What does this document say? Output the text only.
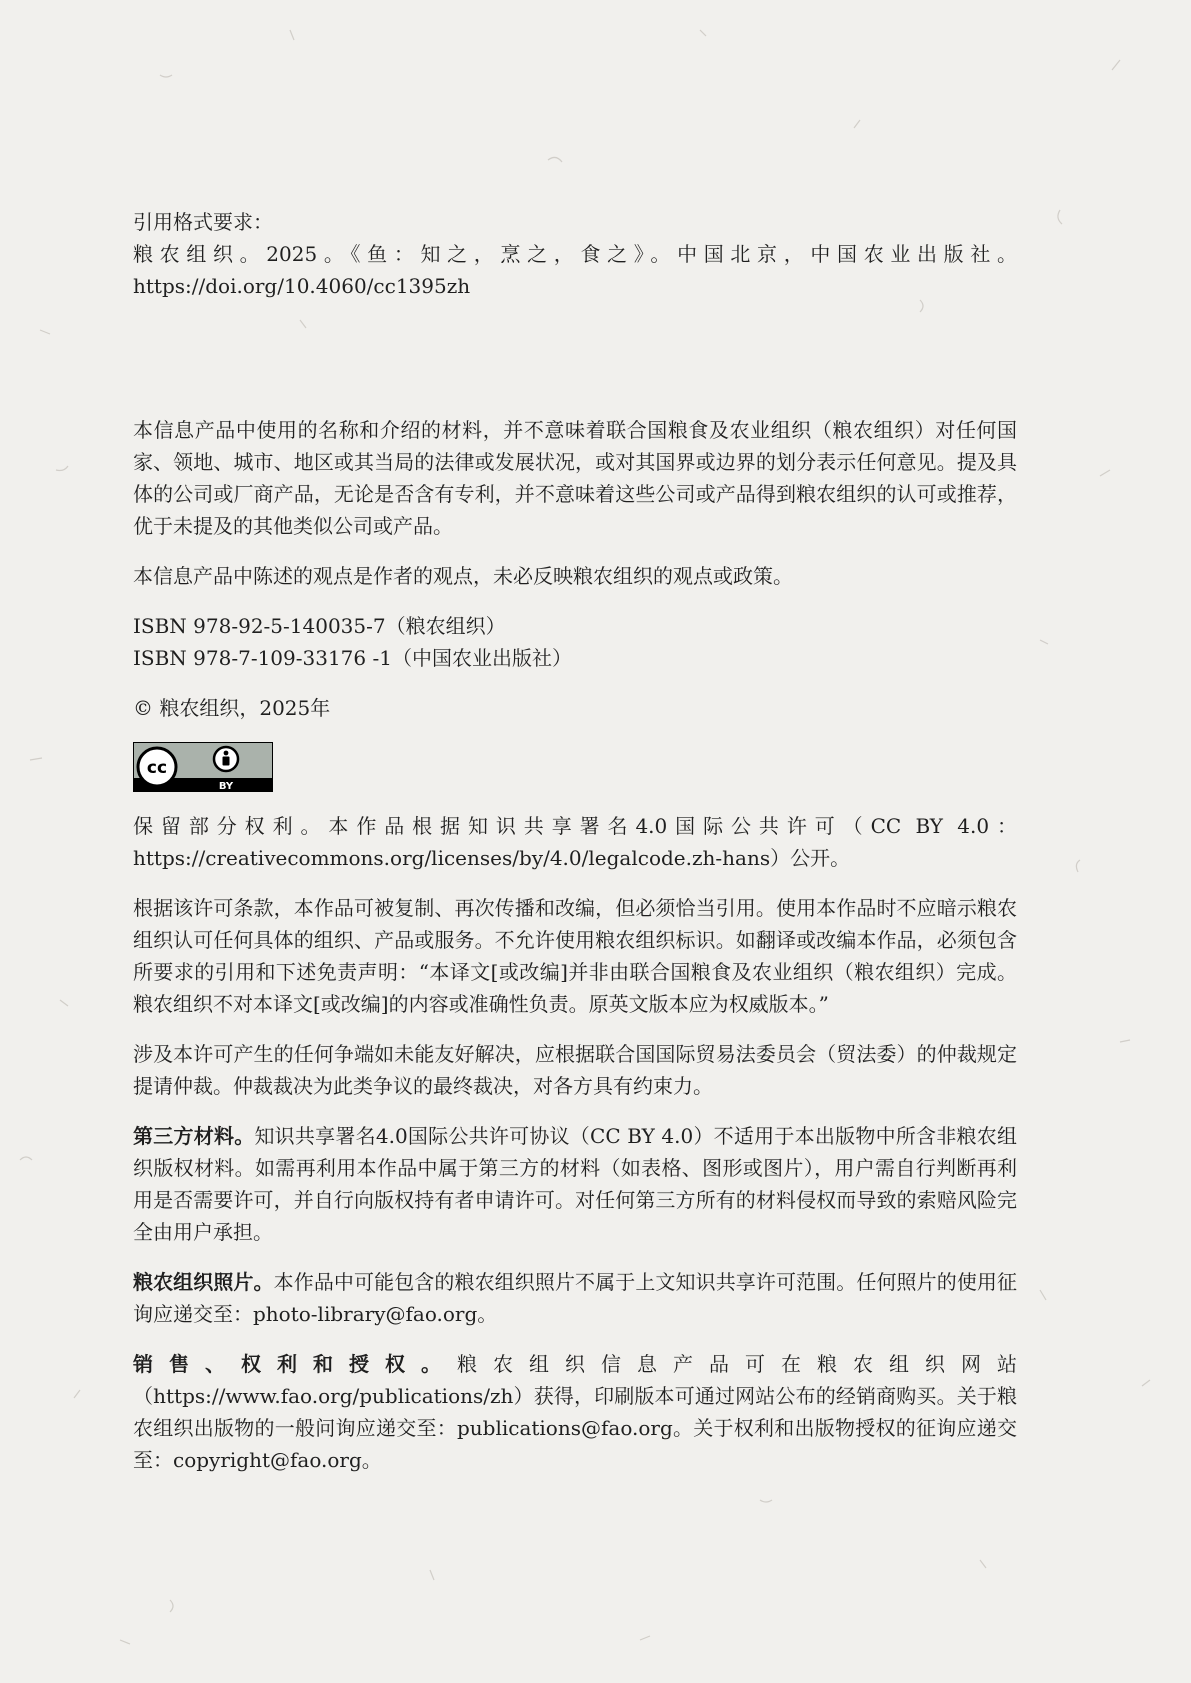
引用格式要求：

粮农组织。2025。《鱼：知之，烹之，食之》。中国北京，中国农业出版社。https://doi.org/10.4060/cc1395zh

本信息产品中使用的名称和介绍的材料，并不意味着联合国粮食及农业组织（粮农组织）对任何国家、领地、城市、地区或其当局的法律或发展状况，或对其国界或边界的划分表示任何意见。提及具体的公司或厂商产品，无论是否含有专利，并不意味着这些公司或产品得到粮农组织的认可或推荐，优于未提及的其他类似公司或产品。

本信息产品中陈述的观点是作者的观点，未必反映粮农组织的观点或政策。

ISBN 978-92-5-140035-7（粮农组织）

ISBN 978-7-109-33176 -1（中国农业出版社）

© 粮农组织，2025年

cc
BY

保留部分权利。本作品根据知识共享署名4.0国际公共许可（CC BY 4.0：https://creativecommons.org/licenses/by/4.0/legalcode.zh-hans）公开。

根据该许可条款，本作品可被复制、再次传播和改编，但必须恰当引用。使用本作品时不应暗示粮农组织认可任何具体的组织、产品或服务。不允许使用粮农组织标识。如翻译或改编本作品，必须包含所要求的引用和下述免责声明：“本译文[或改编]并非由联合国粮食及农业组织（粮农组织）完成。粮农组织不对本译文[或改编]的内容或准确性负责。原英文版本应为权威版本。”

涉及本许可产生的任何争端如未能友好解决，应根据联合国国际贸易法委员会（贸法委）的仲裁规定提请仲裁。仲裁裁决为此类争议的最终裁决，对各方具有约束力。

第三方材料。知识共享署名4.0国际公共许可协议（CC BY 4.0）不适用于本出版物中所含非粮农组织版权材料。如需再利用本作品中属于第三方的材料（如表格、图形或图片），用户需自行判断再利用是否需要许可，并自行向版权持有者申请许可。对任何第三方所有的材料侵权而导致的索赔风险完全由用户承担。

粮农组织照片。本作品中可能包含的粮农组织照片不属于上文知识共享许可范围。任何照片的使用征询应递交至：photo-library@fao.org。

销售、权利和授权。粮农组织信息产品可在粮农组织网站（https://www.fao.org/publications/zh）获得，印刷版本可通过网站公布的经销商购买。关于粮农组织出版物的一般问询应递交至：publications@fao.org。关于权利和出版物授权的征询应递交至：copyright@fao.org。
